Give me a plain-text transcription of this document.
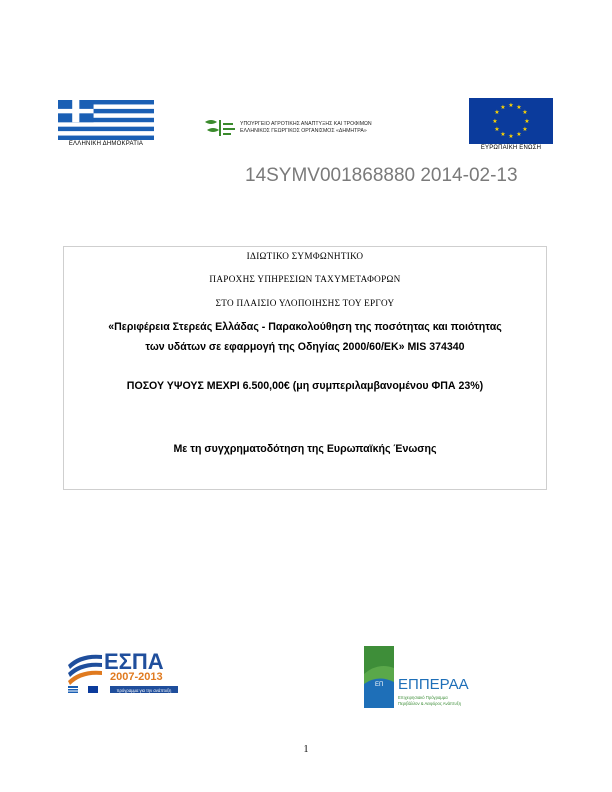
ΕΛΛΗΝΙΚΗ ΔΗΜΟΚΡΑΤΙΑ
ΥΠΟΥΡΓΕΙΟ ΑΓΡΟΤΙΚΗΣ ΑΝΑΠΤΥΞΗΣ ΚΑΙ ΤΡΟΦΙΜΩΝ
ΕΛΛΗΝΙΚΟΣ ΓΕΩΡΓΙΚΟΣ ΟΡΓΑΝΙΣΜΟΣ «ΔΗΜΗΤΡΑ»
★ ★
★
★
★
★
★
★
★
★
★
★
ΕΥΡΩΠΑΪΚΗ ΕΝΩΣΗ
14SYMV001868880 2014-02-13
ΙΔΙΩΤΙΚΟ ΣΥΜΦΩΝΗΤΙΚΟ
ΠΑΡΟΧΗΣ ΥΠΗΡΕΣΙΩΝ ΤΑΧΥΜΕΤΑΦΟΡΩΝ
ΣΤΟ ΠΛΑΙΣΙΟ ΥΛΟΠΟΙΗΣΗΣ ΤΟΥ ΕΡΓΟΥ
«Περιφέρεια Στερεάς Ελλάδας - Παρακολούθηση της ποσότητας και ποιότητας
των υδάτων σε εφαρμογή της Οδηγίας 2000/60/ΕΚ» MIS 374340
ΠΟΣΟΥ ΥΨΟΥΣ ΜΕΧΡΙ 6.500,00€ (μη συμπεριλαμβανομένου ΦΠΑ 23%)
Με τη συγχρηματοδότηση της Ευρωπαϊκής Ένωσης
ΕΣΠΑ
2007-2013
πρόγραμμα για την ανάπτυξη
ΕΠ ΕΠΠΕΡΑΑ
Επιχειρησιακό Πρόγραμμα
Περιβάλλον & Αειφόρος Ανάπτυξη
1
